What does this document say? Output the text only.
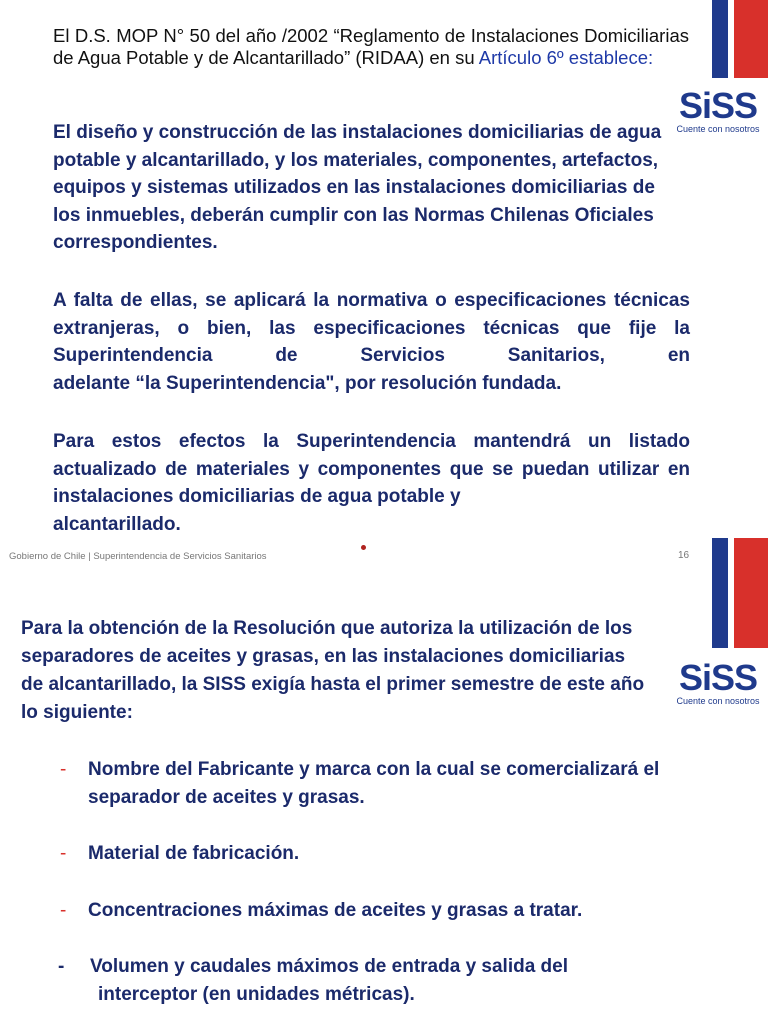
SiSS
Cuente con nosotros
El D.S. MOP N° 50 del año /2002 “Reglamento de Instalaciones Domiciliarias de Agua Potable y de Alcantarillado” (RIDAA) en su Artículo 6º establece:
El diseño y construcción de las instalaciones domiciliarias de agua potable y alcantarillado, y los materiales, componentes, artefactos, equipos y sistemas utilizados en las instalaciones domiciliarias de los inmuebles, deberán cumplir con las Normas Chilenas Oficiales correspondientes.
A falta de ellas, se aplicará la normativa o especificaciones técnicas extranjeras, o bien, las especificaciones técnicas que fije la Superintendencia de Servicios Sanitarios, en
adelante “la Superintendencia", por resolución fundada.
Para estos efectos la Superintendencia mantendrá un listado actualizado de materiales y componentes que se puedan utilizar en instalaciones domiciliarias de agua potable y
alcantarillado.
Gobierno de Chile | Superintendencia de Servicios Sanitarios	16
SiSS
Cuente con nosotros
Para la obtención de la Resolución que autoriza la utilización de los separadores de aceites y grasas, en las instalaciones domiciliarias de alcantarillado, la SISS exigía hasta el primer semestre de este año lo siguiente:
-	Nombre del Fabricante y marca con la cual se comercializará el separador de aceites y grasas.
-	Material de fabricación.
-	Concentraciones máximas de aceites y grasas a tratar.
-	Volumen y caudales máximos de entrada y salida del
interceptor (en unidades métricas).
